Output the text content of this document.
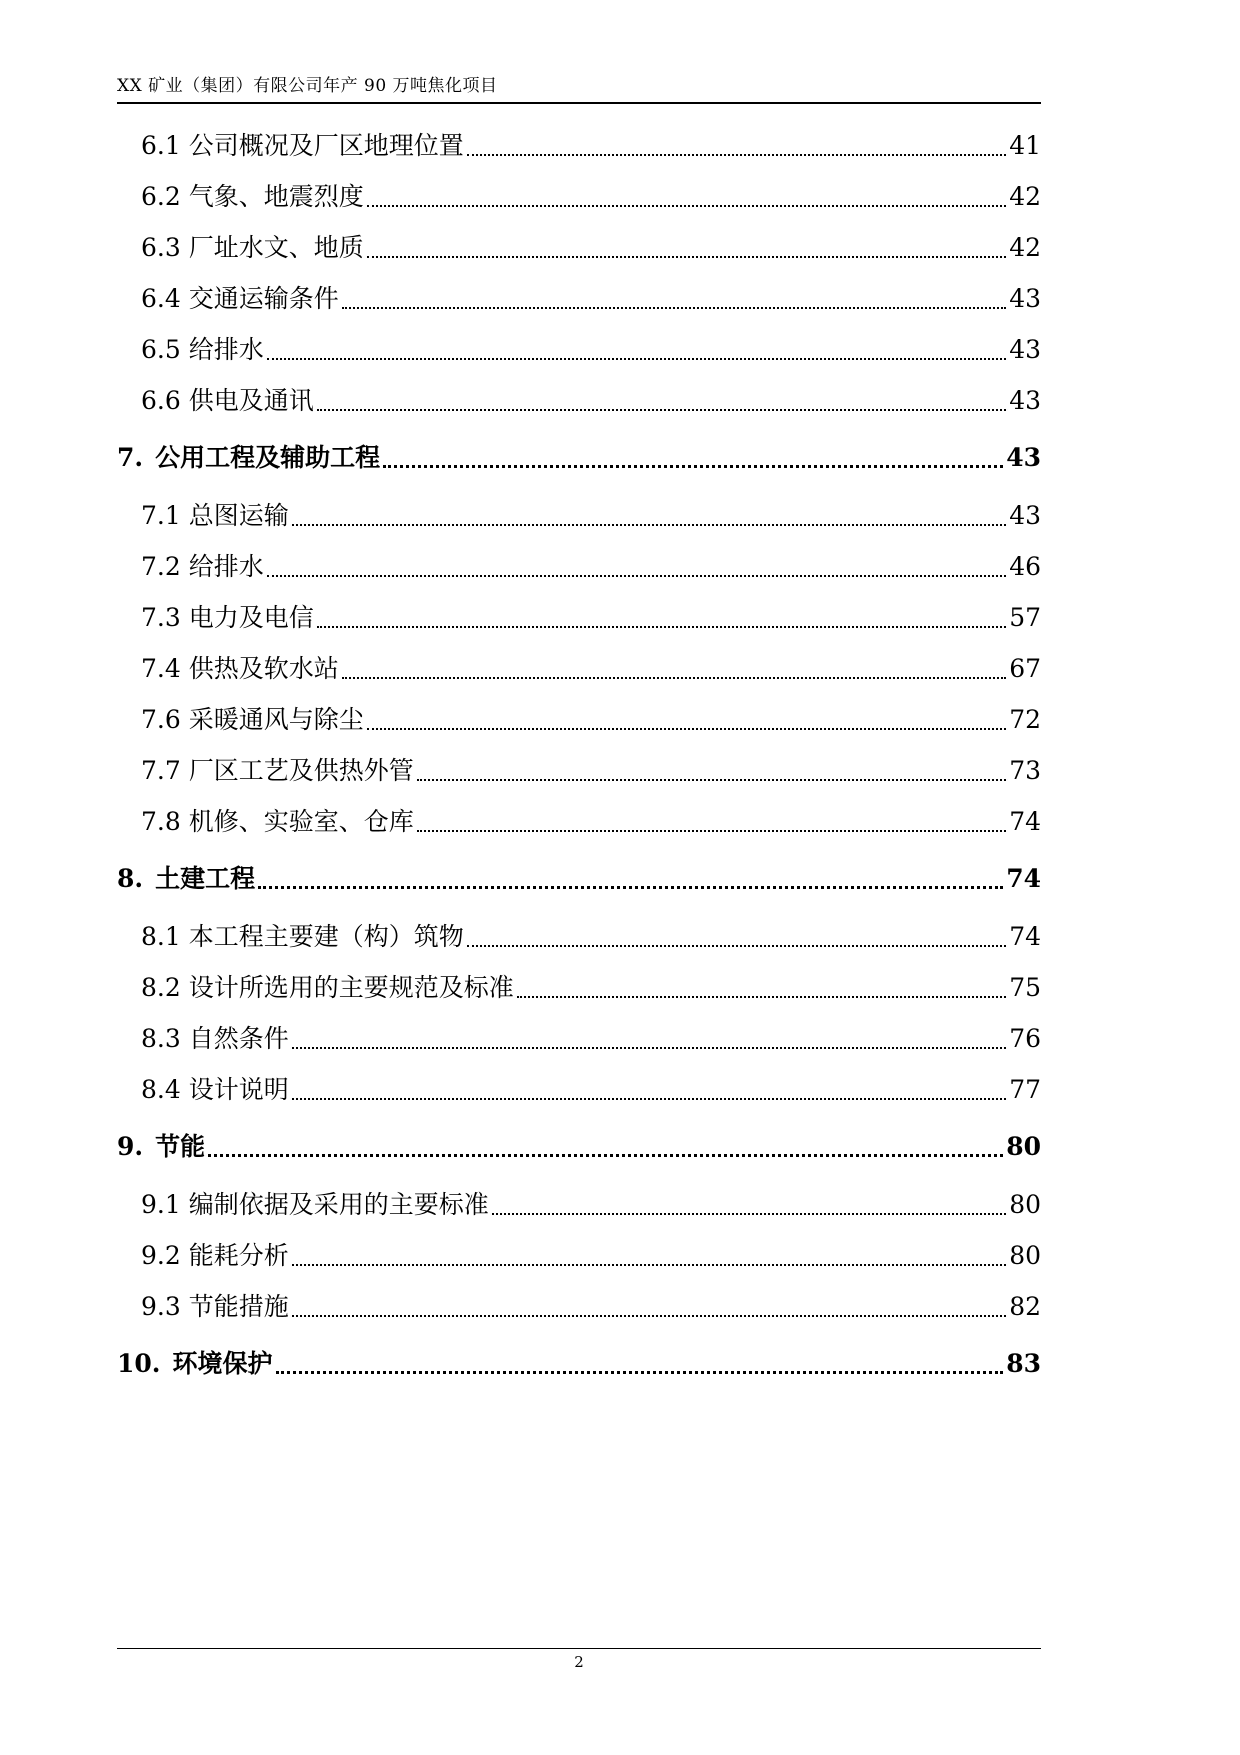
XX 矿业（集团）有限公司年产 90 万吨焦化项目
6.1 公司概况及厂区地理位置	41
6.2 气象、地震烈度	42
6.3 厂址水文、地质	42
6.4 交通运输条件	43
6.5 给排水	43
6.6 供电及通讯	43
7. 公用工程及辅助工程	43
7.1 总图运输	43
7.2 给排水	46
7.3 电力及电信	57
7.4 供热及软水站	67
7.6 采暖通风与除尘	72
7.7 厂区工艺及供热外管	73
7.8 机修、实验室、仓库	74
8. 土建工程	74
8.1 本工程主要建（构）筑物	74
8.2 设计所选用的主要规范及标准	75
8.3 自然条件	76
8.4 设计说明	77
9. 节能	80
9.1 编制依据及采用的主要标准	80
9.2 能耗分析	80
9.3 节能措施	82
10. 环境保护	83
2
